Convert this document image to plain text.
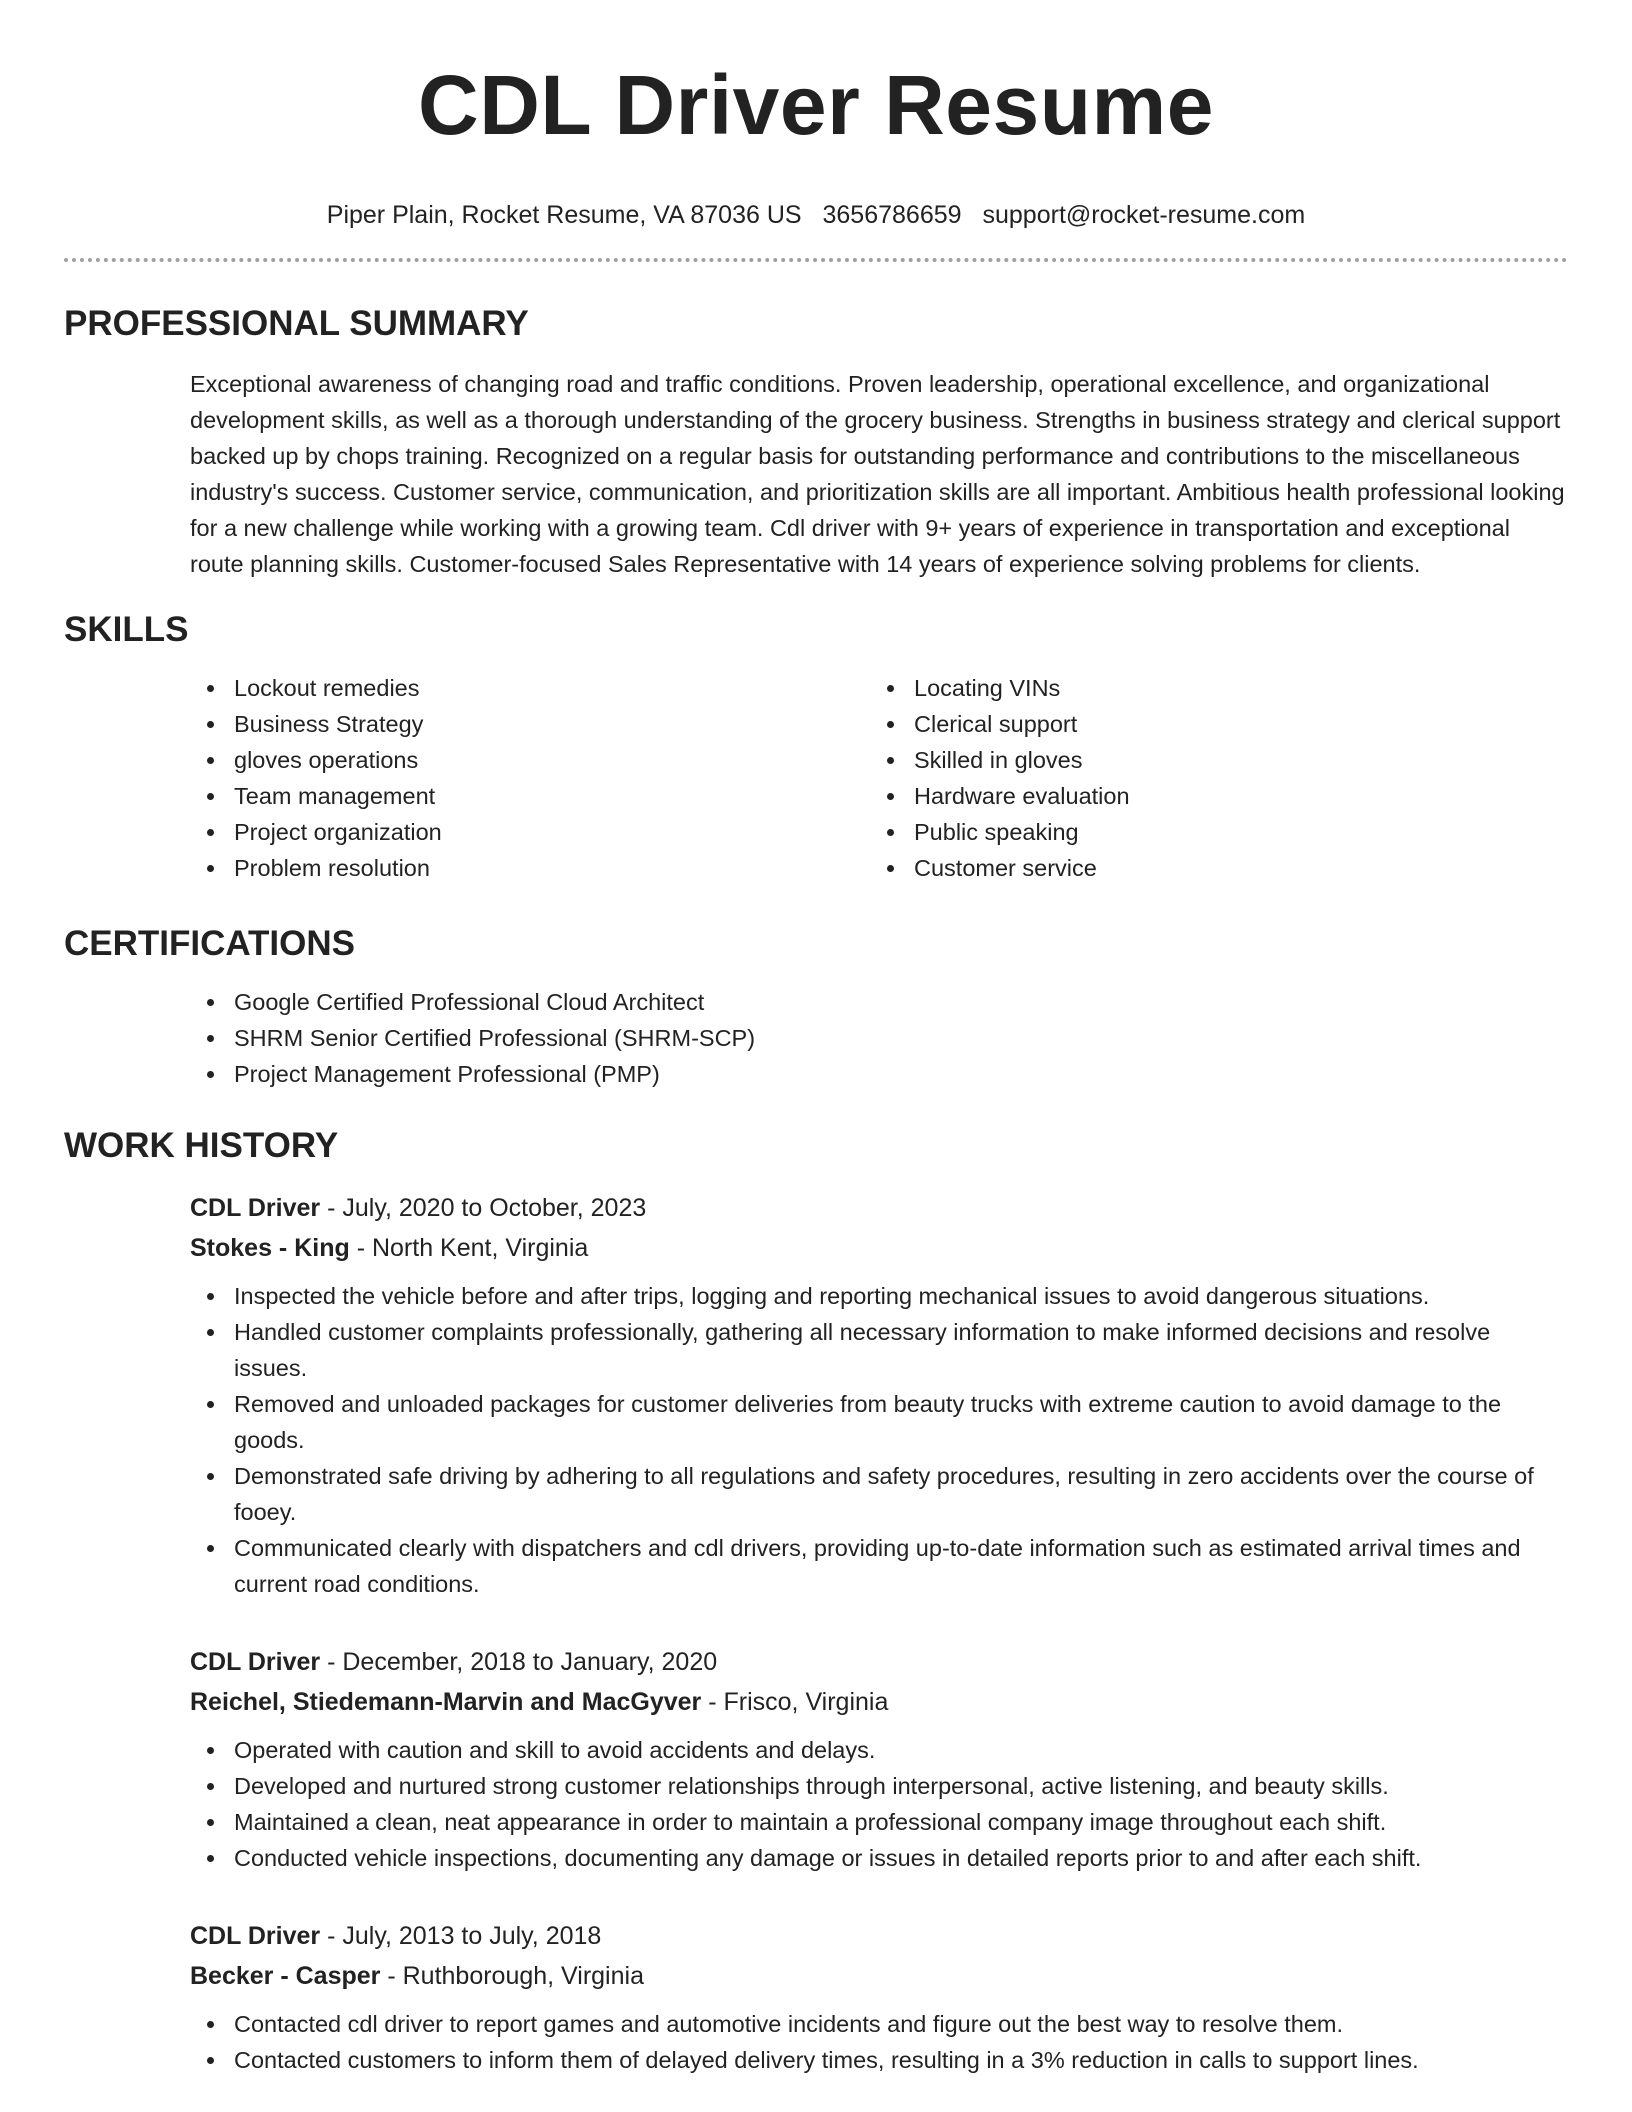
CDL Driver Resume
Piper Plain, Rocket Resume, VA 87036 US 3656786659 support@rocket-resume.com
PROFESSIONAL SUMMARY

Exceptional awareness of changing road and traffic conditions. Proven leadership, operational excellence, and organizational development skills, as well as a thorough understanding of the grocery business. Strengths in business strategy and clerical support backed up by chops training. Recognized on a regular basis for outstanding performance and contributions to the miscellaneous industry's success. Customer service, communication, and prioritization skills are all important. Ambitious health professional looking for a new challenge while working with a growing team. Cdl driver with 9+ years of experience in transportation and exceptional route planning skills. Customer-focused Sales Representative with 14 years of experience solving problems for clients.

SKILLS
Lockout remedies
Business Strategy
gloves operations
Team management
Project organization
Problem resolution
Locating VINs
Clerical support
Skilled in gloves
Hardware evaluation
Public speaking
Customer service
CERTIFICATIONS
Google Certified Professional Cloud Architect
SHRM Senior Certified Professional (SHRM-SCP)
Project Management Professional (PMP)
WORK HISTORY
CDL Driver - July, 2020 to October, 2023
Stokes - King - North Kent, Virginia
Inspected the vehicle before and after trips, logging and reporting mechanical issues to avoid dangerous situations.
Handled customer complaints professionally, gathering all necessary information to make informed decisions and resolve issues.
Removed and unloaded packages for customer deliveries from beauty trucks with extreme caution to avoid damage to the goods.
Demonstrated safe driving by adhering to all regulations and safety procedures, resulting in zero accidents over the course of fooey.
Communicated clearly with dispatchers and cdl drivers, providing up-to-date information such as estimated arrival times and current road conditions.
CDL Driver - December, 2018 to January, 2020
Reichel, Stiedemann-Marvin and MacGyver - Frisco, Virginia
Operated with caution and skill to avoid accidents and delays.
Developed and nurtured strong customer relationships through interpersonal, active listening, and beauty skills.
Maintained a clean, neat appearance in order to maintain a professional company image throughout each shift.
Conducted vehicle inspections, documenting any damage or issues in detailed reports prior to and after each shift.
CDL Driver - July, 2013 to July, 2018
Becker - Casper - Ruthborough, Virginia
Contacted cdl driver to report games and automotive incidents and figure out the best way to resolve them.
Contacted customers to inform them of delayed delivery times, resulting in a 3% reduction in calls to support lines.
